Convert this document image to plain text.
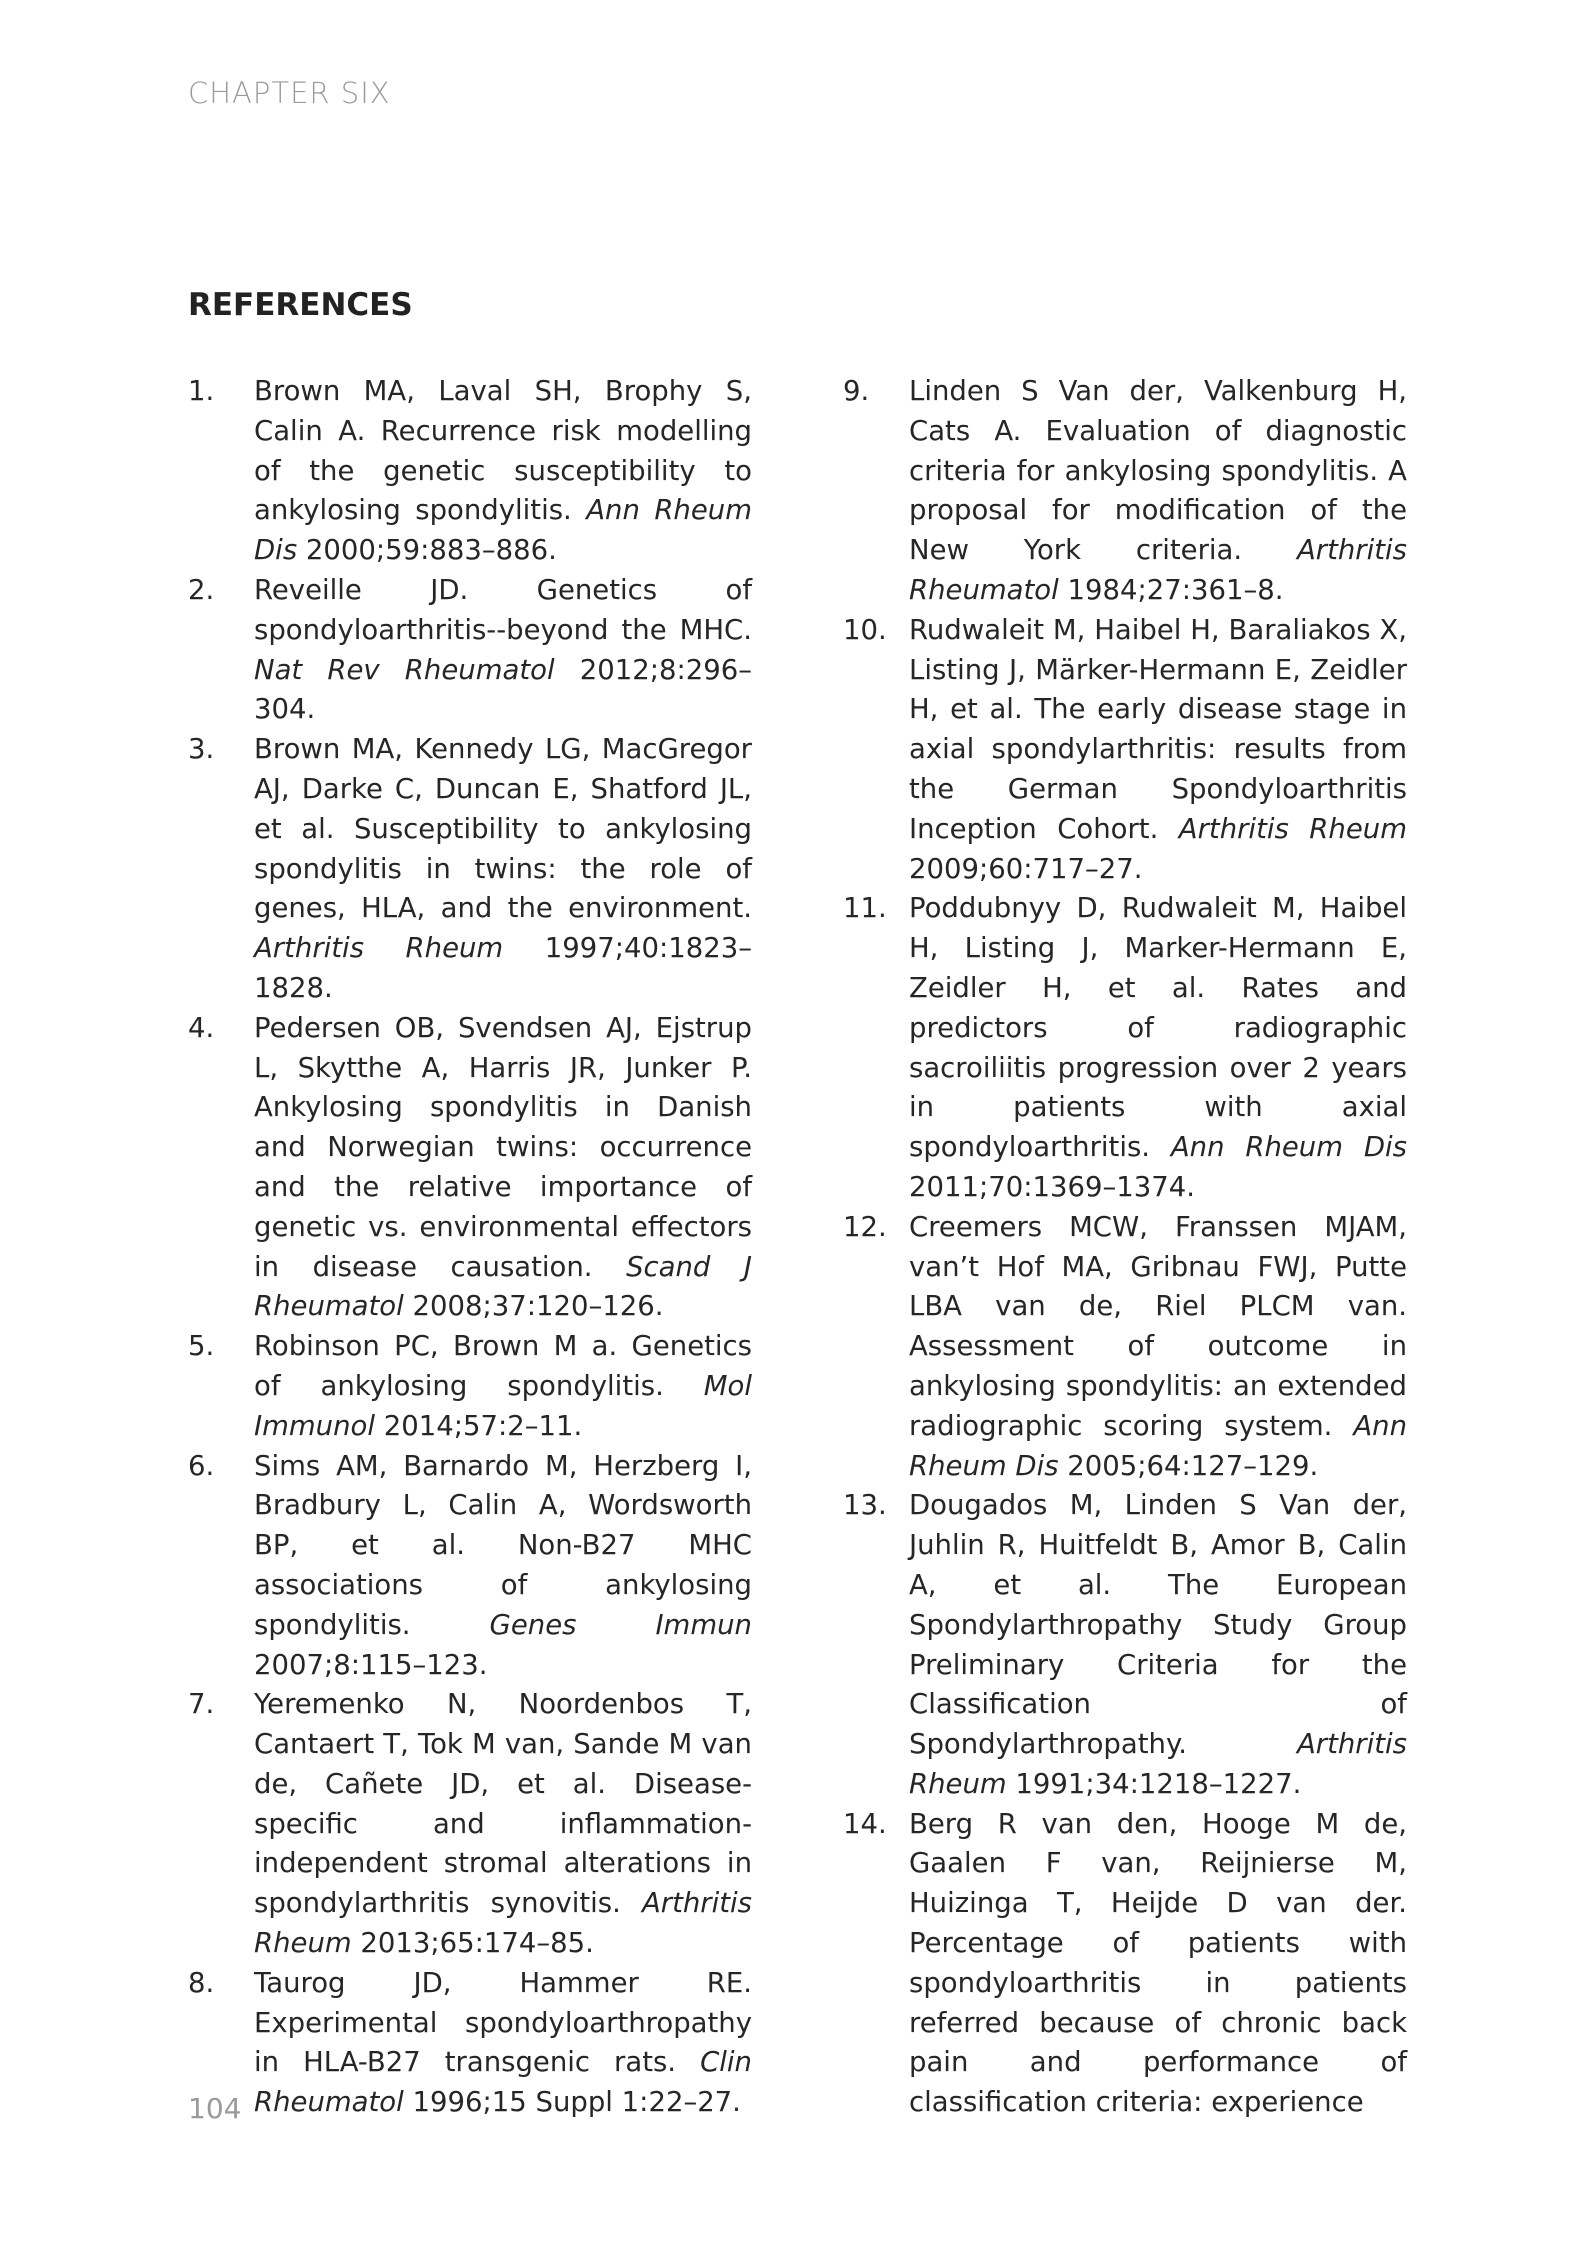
CHAPTER SIX
REFERENCES
1.	Brown MA, Laval SH, Brophy S, Calin A. Recurrence risk modelling of the genetic susceptibility to ankylosing spondylitis. Ann Rheum Dis 2000;59:883–886.
2.	Reveille JD. Genetics of spondyloarthritis--beyond the MHC. Nat Rev Rheumatol 2012;8:296–304.
3.	Brown MA, Kennedy LG, MacGregor AJ, Darke C, Duncan E, Shatford JL, et al. Susceptibility to ankylosing spondylitis in twins: the role of genes, HLA, and the environment. Arthritis Rheum 1997;40:1823–1828.
4.	Pedersen OB, Svendsen AJ, Ejstrup L, Skytthe A, Harris JR, Junker P. Ankylosing spondylitis in Danish and Norwegian twins: occurrence and the relative importance of genetic vs. environmental effectors in disease causation. Scand J Rheumatol 2008;37:120–126.
5.	Robinson PC, Brown M a. Genetics of ankylosing spondylitis. Mol Immunol 2014;57:2–11.
6.	Sims AM, Barnardo M, Herzberg I, Bradbury L, Calin A, Wordsworth BP, et al. Non-B27 MHC associations of ankylosing spondylitis. Genes Immun 2007;8:115–123.
7.	Yeremenko N, Noordenbos T, Cantaert T, Tok M van, Sande M van de, Cañete JD, et al. Disease-specific and inflammation-independent stromal alterations in spondylarthritis synovitis. Arthritis Rheum 2013;65:174–85.
8.	Taurog JD, Hammer RE. Experimental spondyloarthropathy in HLA-B27 transgenic rats. Clin Rheumatol 1996;15 Suppl 1:22–27.
9.	Linden S Van der, Valkenburg H, Cats A. Evaluation of diagnostic criteria for ankylosing spondylitis. A proposal for modification of the New York criteria. Arthritis Rheumatol 1984;27:361–8.
10. Rudwaleit M, Haibel H, Baraliakos X, Listing J, Märker-Hermann E, Zeidler H, et al. The early disease stage in axial spondylarthritis: results from the German Spondyloarthritis Inception Cohort. Arthritis Rheum 2009;60:717–27.
11. Poddubnyy D, Rudwaleit M, Haibel H, Listing J, Marker-Hermann E, Zeidler H, et al. Rates and predictors of radiographic sacroiliitis progression over 2 years in patients with axial spondyloarthritis. Ann Rheum Dis 2011;70:1369–1374.
12. Creemers MCW, Franssen MJAM, van’t Hof MA, Gribnau FWJ, Putte LBA van de, Riel PLCM van. Assessment of outcome in ankylosing spondylitis: an extended radiographic scoring system. Ann Rheum Dis 2005;64:127–129.
13. Dougados M, Linden S Van der, Juhlin R, Huitfeldt B, Amor B, Calin A, et al. The European Spondylarthropathy Study Group Preliminary Criteria for the Classification of Spondylarthropathy. Arthritis Rheum 1991;34:1218–1227.
14. Berg R van den, Hooge M de, Gaalen F van, Reijnierse M, Huizinga T, Heijde D van der. Percentage of patients with spondyloarthritis in patients referred because of chronic back pain and performance of classification criteria: experience
104
